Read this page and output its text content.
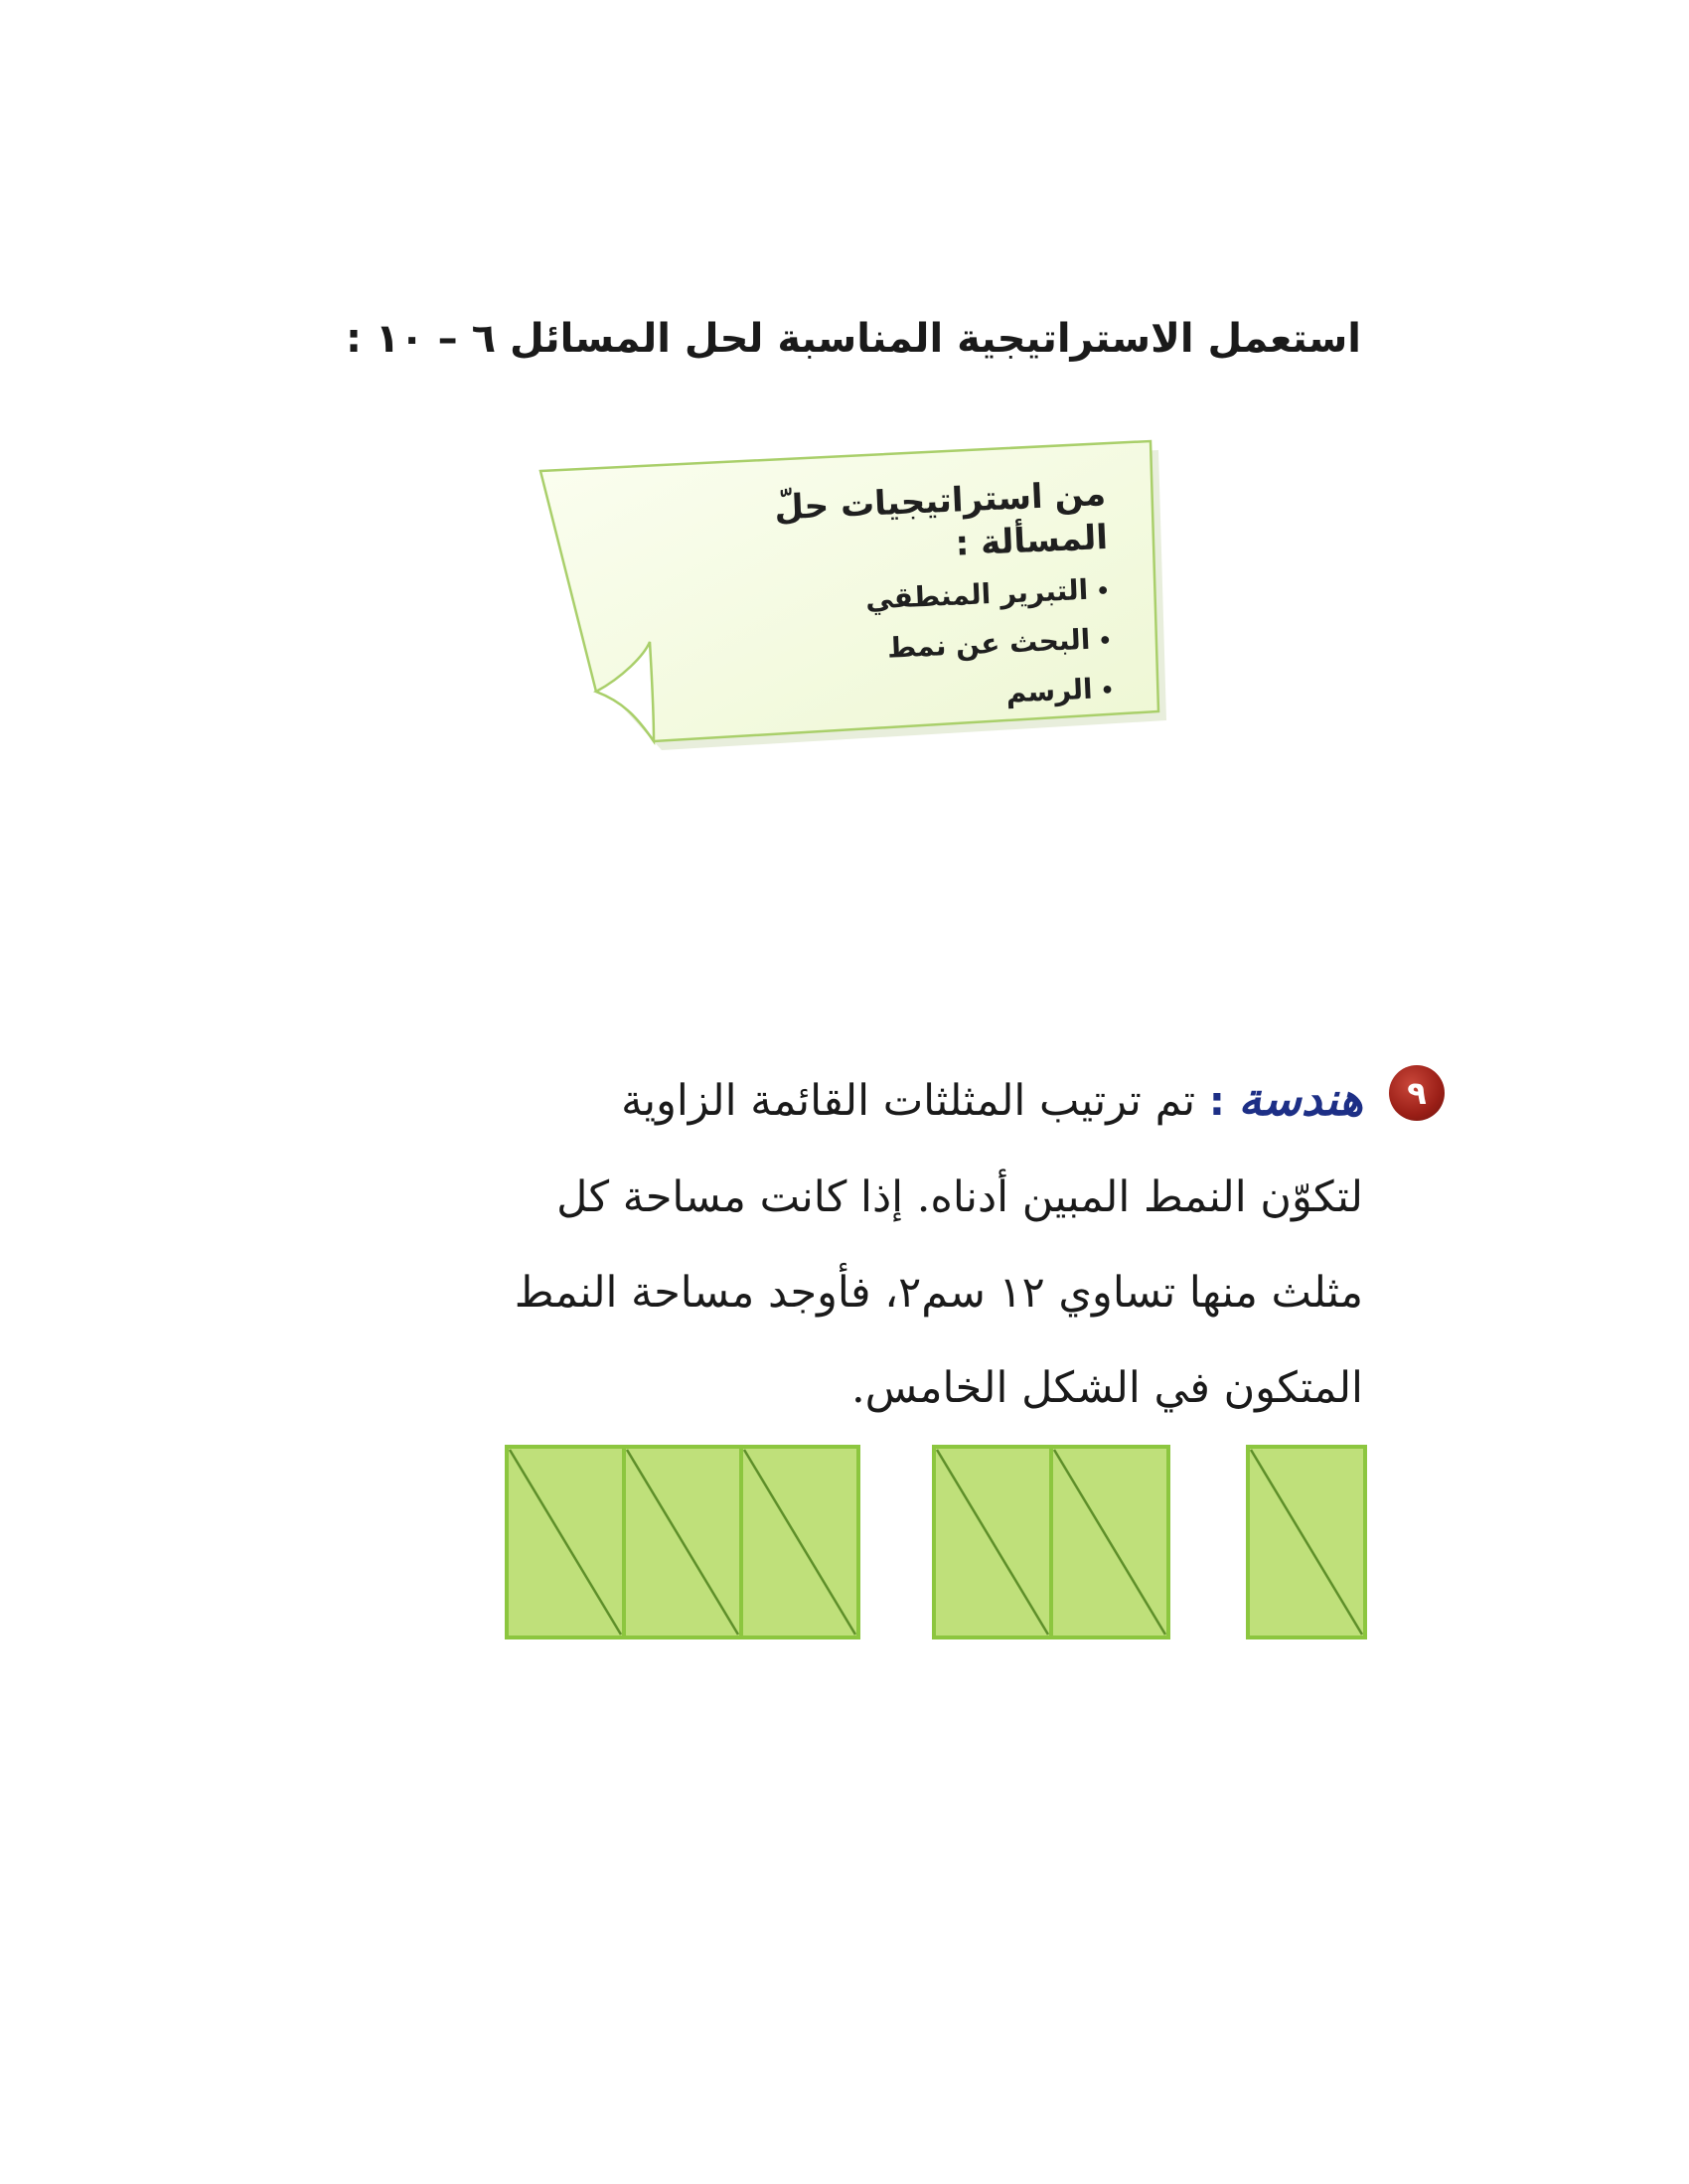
استعمل الاستراتيجية المناسبة لحل المسائل ٦ – ١٠ :
من استراتيجيات حلّ المسألة :
•التبرير المنطقي
•البحث عن نمط
•الرسم
٩
هندسة : تم ترتيب المثلثات القائمة الزاوية
لتكوّن النمط المبين أدناه. إذا كانت مساحة كل
مثلث منها تساوي ١٢ سم٢، فأوجد مساحة النمط
المتكون في الشكل الخامس.
